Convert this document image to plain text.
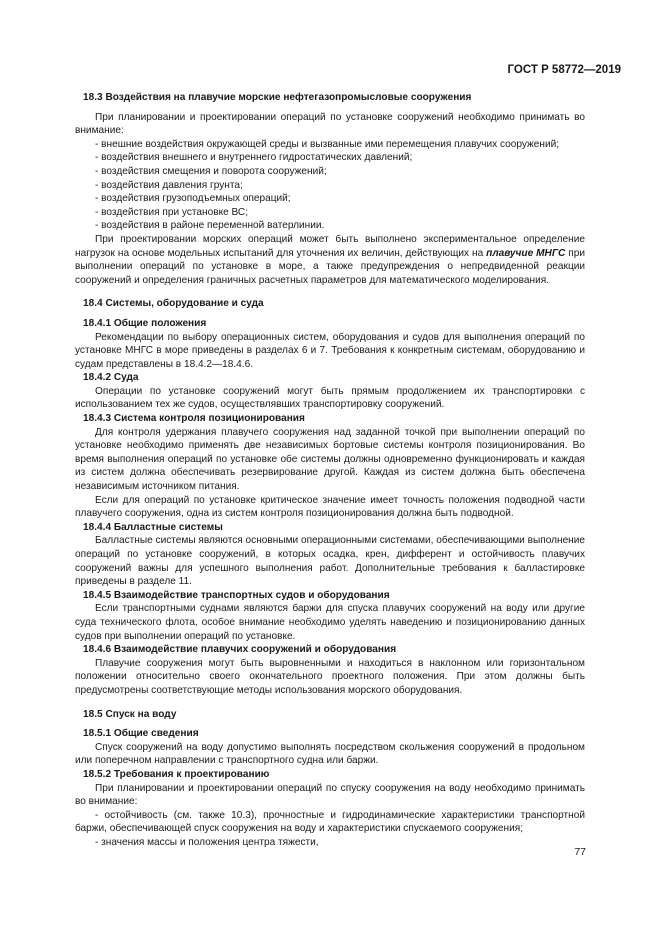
ГОСТ Р 58772—2019

18.3 Воздействия на плавучие морские нефтегазопромысловые сооружения

При планировании и проектировании операций по установке сооружений необходимо принимать во внимание:

- внешние воздействия окружающей среды и вызванные ими перемещения плавучих сооружений;

- воздействия внешнего и внутреннего гидростатических давлений;

- воздействия смещения и поворота сооружений;

- воздействия давления грунта;

- воздействия грузоподъемных операций;

- воздействия при установке ВС;

- воздействия в районе переменной ватерлинии.

При проектировании морских операций может быть выполнено экспериментальное определение нагрузок на основе модельных испытаний для уточнения их величин, действующих на плавучие МНГС при выполнении операций по установке в море, а также предупреждения о непредвиденной реакции сооружений и определения граничных расчетных параметров для математического моделирования.

18.4 Системы, оборудование и суда

18.4.1 Общие положения

Рекомендации по выбору операционных систем, оборудования и судов для выполнения операций по установке МНГС в море приведены в разделах 6 и 7. Требования к конкретным системам, оборудованию и судам представлены в 18.4.2—18.4.6.

18.4.2 Суда

Операции по установке сооружений могут быть прямым продолжением их транспортировки с использованием тех же судов, осуществлявших транспортировку сооружений.

18.4.3 Система контроля позиционирования

Для контроля удержания плавучего сооружения над заданной точкой при выполнении операций по установке необходимо применять две независимых бортовые системы контроля позиционирования. Во время выполнения операций по установке обе системы должны одновременно функционировать и каждая из систем должна обеспечивать резервирование другой. Каждая из систем должна быть обеспечена независимым источником питания.

Если для операций по установке критическое значение имеет точность положения подводной части плавучего сооружения, одна из систем контроля позиционирования должна быть подводной.

18.4.4 Балластные системы

Балластные системы являются основными операционными системами, обеспечивающими выполнение операций по установке сооружений, в которых осадка, крен, дифферент и остойчивость плавучих сооружений важны для успешного выполнения работ. Дополнительные требования к балластировке приведены в разделе 11.

18.4.5 Взаимодействие транспортных судов и оборудования

Если транспортными суднами являются баржи для спуска плавучих сооружений на воду или другие суда технического флота, особое внимание необходимо уделять наведению и позиционированию данных судов при выполнении операций по установке.

18.4.6 Взаимодействие плавучих сооружений и оборудования

Плавучие сооружения могут быть выровненными и находиться в наклонном или горизонтальном положении относительно своего окончательного проектного положения. При этом должны быть предусмотрены соответствующие методы использования морского оборудования.

18.5 Спуск на воду

18.5.1 Общие сведения

Спуск сооружений на воду допустимо выполнять посредством скольжения сооружений в продольном или поперечном направлении с транспортного судна или баржи.

18.5.2 Требования к проектированию

При планировании и проектировании операций по спуску сооружения на воду необходимо принимать во внимание:

- остойчивость (см. также 10.3), прочностные и гидродинамические характеристики транспортной баржи, обеспечивающей спуск сооружения на воду и характеристики спускаемого сооружения;

- значения массы и положения центра тяжести,

77
